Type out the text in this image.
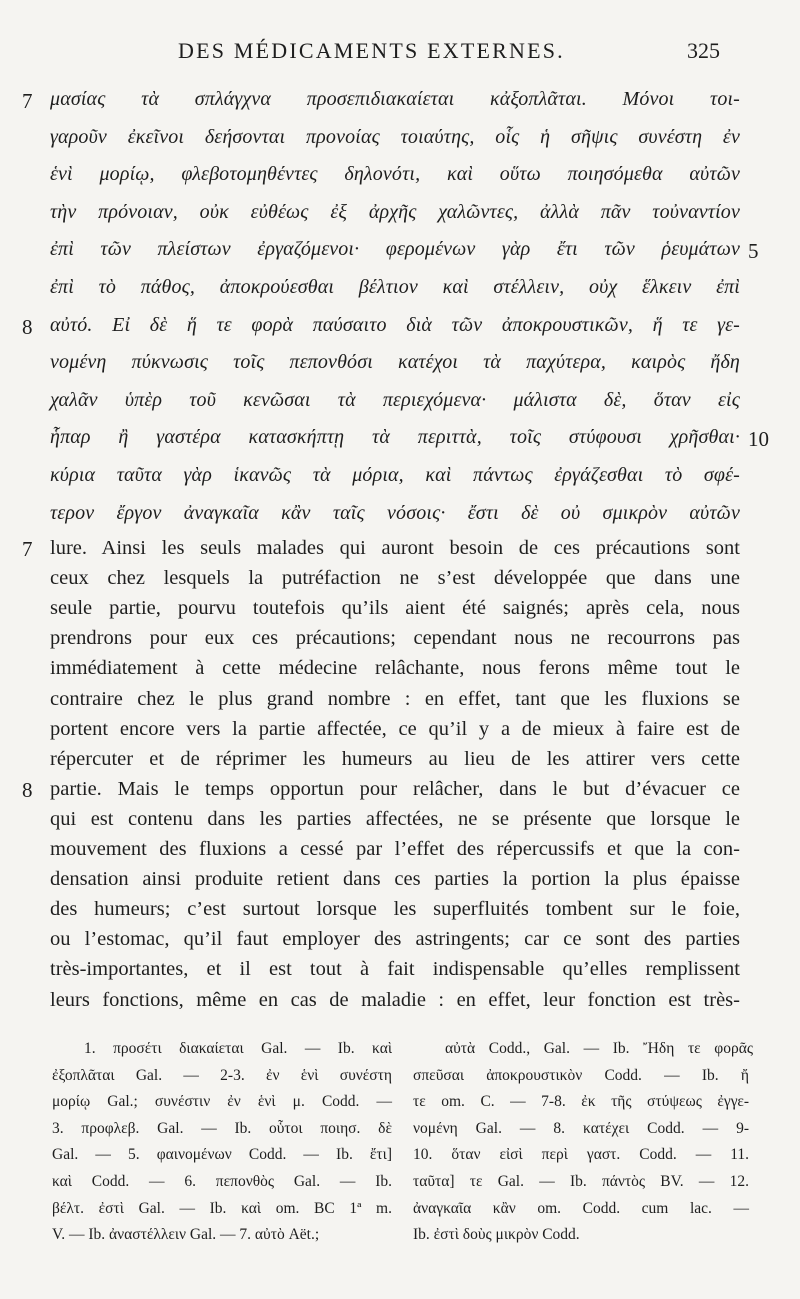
DES MÉDICAMENTS EXTERNES.	325
7 μασίας τὰ σπλάγχνα προσεπιδιακαίεται κἀξοπλᾶται. Μόνοι τοι-
γαροῦν ἐκεῖνοι δεήσονται προνοίας τοιαύτης, οἷς ἡ σῆψις συνέστη ἐν
ἑνὶ μορίῳ, φλεβοτομηθέντες δηλονότι, καὶ οὕτω ποιησόμεθα αὐτῶν
τὴν πρόνοιαν, οὐκ εὐθέως ἐξ ἀρχῆς χαλῶντες, ἀλλὰ πᾶν τοὐναντίον
ἐπὶ τῶν πλείστων ἐργαζόμενοι· φερομένων γὰρ ἔτι τῶν ῥευμάτων 5
ἐπὶ τὸ πάθος, ἀποκρούεσθαι βέλτιον καὶ στέλλειν, οὐχ ἕλκειν ἐπὶ
8 αὐτό. Εἰ δὲ ἥ τε φορὰ παύσαιτο διὰ τῶν ἀποκρουστικῶν, ἥ τε γε-
νομένη πύκνωσις τοῖς πεπονθόσι κατέχοι τὰ παχύτερα, καιρὸς ἤδη
χαλᾶν ὑπὲρ τοῦ κενῶσαι τὰ περιεχόμενα· μάλιστα δὲ, ὅταν εἰς
ἧπαρ ἢ γαστέρα κατασκήπτῃ τὰ περιττὰ, τοῖς στύφουσι χρῆσθαι· 10
κύρια ταῦτα γὰρ ἱκανῶς τὰ μόρια, καὶ πάντως ἐργάζεσθαι τὸ σφέ-
τερον ἔργον ἀναγκαῖα κἂν ταῖς νόσοις· ἔστι δὲ οὐ σμικρὸν αὐτῶν
7 lure. Ainsi les seuls malades qui auront besoin de ces précautions sont
ceux chez lesquels la putréfaction ne s’est développée que dans une
seule partie, pourvu toutefois qu’ils aient été saignés; après cela, nous
prendrons pour eux ces précautions; cependant nous ne recourrons pas
immédiatement à cette médecine relâchante, nous ferons même tout le
contraire chez le plus grand nombre : en effet, tant que les fluxions se
portent encore vers la partie affectée, ce qu’il y a de mieux à faire est de
répercuter et de réprimer les humeurs au lieu de les attirer vers cette
8 partie. Mais le temps opportun pour relâcher, dans le but d’évacuer ce
qui est contenu dans les parties affectées, ne se présente que lorsque le
mouvement des fluxions a cessé par l’effet des répercussifs et que la con-
densation ainsi produite retient dans ces parties la portion la plus épaisse
des humeurs; c’est surtout lorsque les superfluités tombent sur le foie,
ou l’estomac, qu’il faut employer des astringents; car ce sont des parties
très-importantes, et il est tout à fait indispensable qu’elles remplissent
leurs fonctions, même en cas de maladie : en effet, leur fonction est très-
1. προσέτι διακαίεται Gal. — Ib. καὶ
ἐξοπλᾶται Gal. — 2-3. ἐν ἑνὶ συνέστη
μορίῳ Gal.; συνέστιν ἐν ἑνὶ μ. Codd. —
3. προφλεβ. Gal. — Ib. οὗτοι ποιησ. δὲ
Gal. — 5. φαινομένων Codd. — Ib. ἔτι]
καὶ Codd. — 6. πεπονθὸς Gal. — Ib.
βέλτ. ἐστὶ Gal. — Ib. καὶ om. BC 1ª m.
V. — Ib. ἀναστέλλειν Gal. — 7. αὐτὸ Aët.;
αὐτὰ Codd., Gal. — Ib. Ἤδη τε φορᾶς
σπεῦσαι ἀποκρουστικὸν Codd. — Ib. ἤ
τε om. C. — 7-8. ἐκ τῆς στύψεως ἐγγε-
νομένη Gal. — 8. κατέχει Codd. — 9-
10. ὅταν εἰσὶ περὶ γαστ. Codd. — 11.
ταῦτα] τε Gal. — Ib. πάντὸς BV. — 12.
ἀναγκαῖα κἂν om. Codd. cum lac. —
Ib. ἐστὶ δοὺς μικρὸν Codd.
